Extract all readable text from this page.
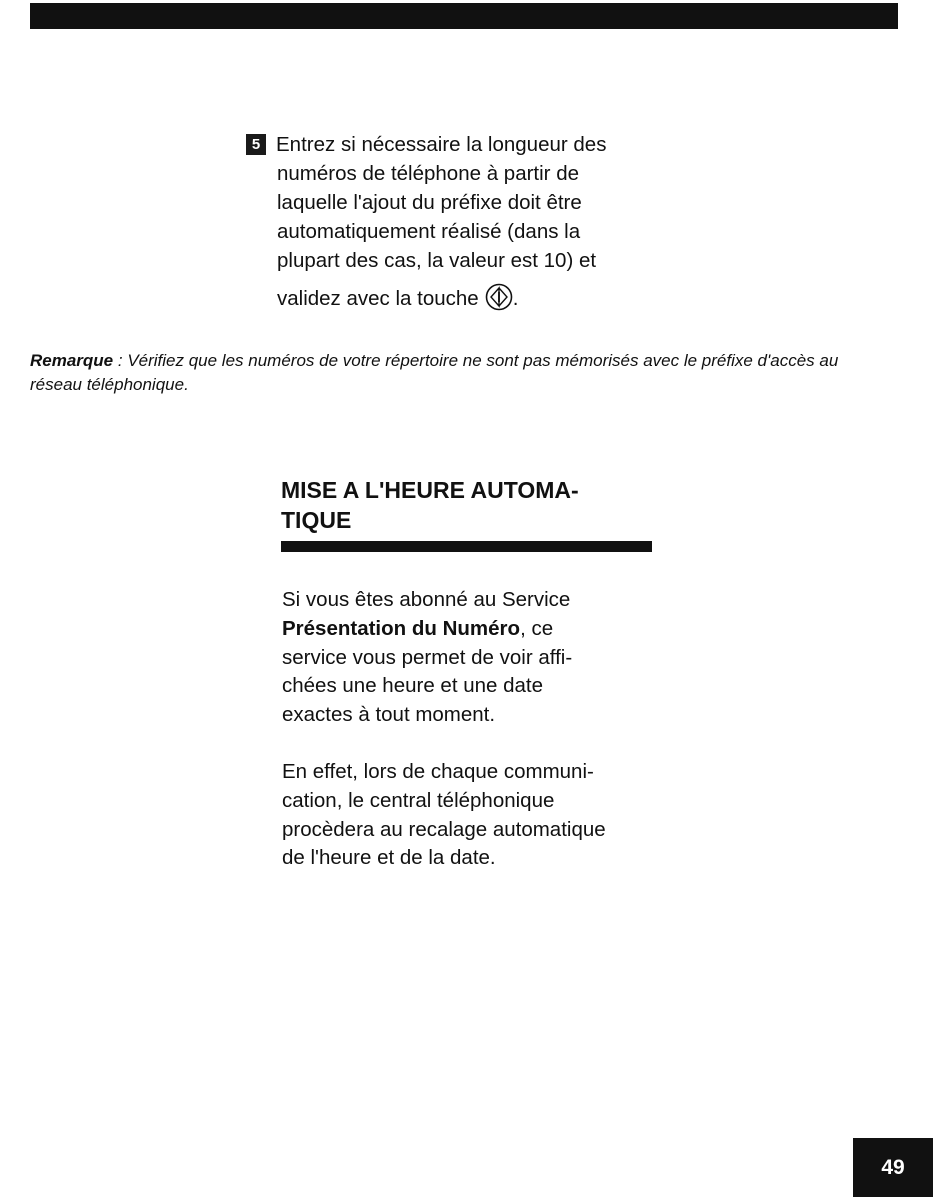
5 Entrez si nécessaire la longueur des
numéros de téléphone à partir de
laquelle l'ajout du préfixe doit être
automatiquement réalisé (dans la
plupart des cas, la valeur est 10) et
validez avec la touche .
Remarque : Vérifiez que les numéros de votre répertoire ne sont pas mémorisés avec le préfixe d'accès au réseau téléphonique.
MISE A L'HEURE AUTOMA-
TIQUE
Si vous êtes abonné au Service
Présentation du Numéro, ce
service vous permet de voir affi-
chées une heure et une date
exactes à tout moment.
En effet, lors de chaque communi-
cation, le central téléphonique
procèdera au recalage automatique
de l'heure et de la date.
49
